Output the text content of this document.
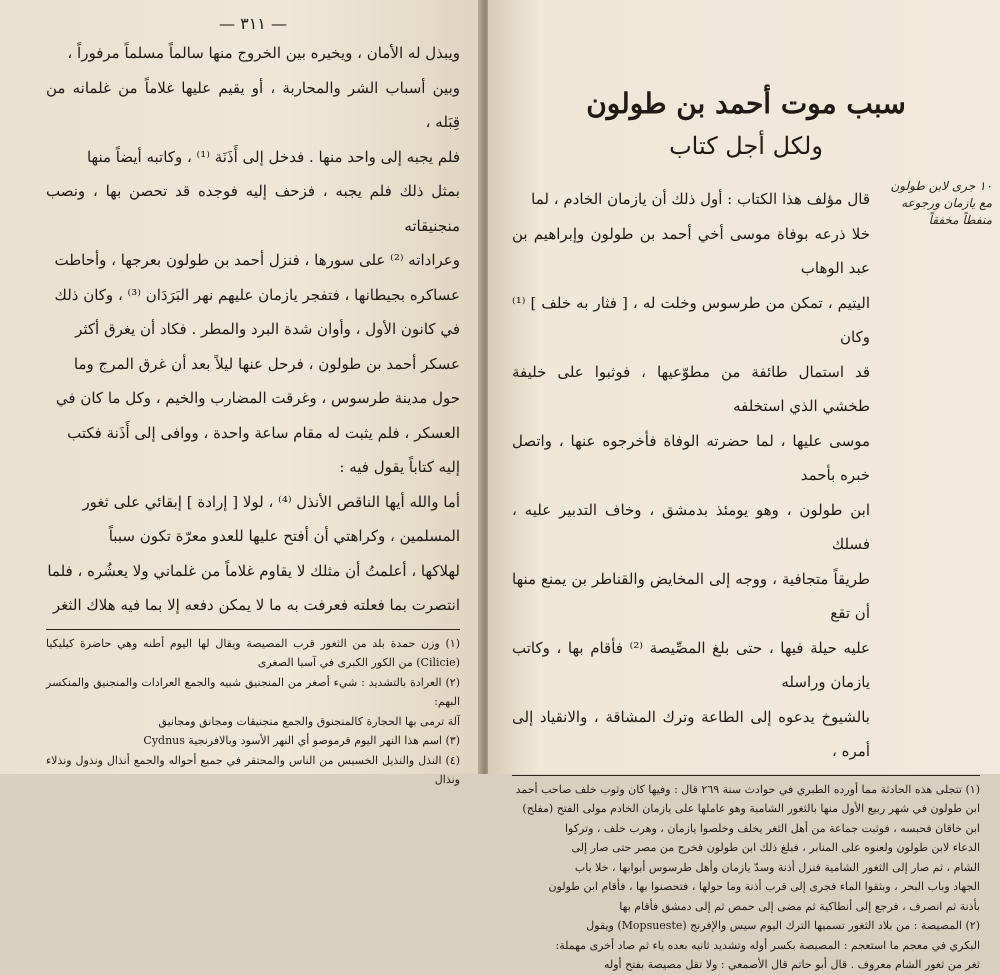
— ٣١١ —

ويبذل له الأمان ، ويخيره بين الخروج منها سالماً مسلماً مرفوراً ،

وبين أسباب الشر والمحاربة ، أو يقيم عليها غلاماً من غلمانه من قِبَله ،

فلم يجبه إلى واحد منها . فدخل إلى أَذَنَة ⁽¹⁾ ، وكاتبه أيضاً منها

بمثل ذلك فلم يجبه ، فزحف إليه فوجده قد تحصن بها ، ونصب منجنيقاته

وعراداته ⁽²⁾ على سورها ، فنزل أحمد بن طولون بعرجها ، وأحاطت

عساكره بجيطانها ، فتفجر يازمان عليهم نهر البَرَدَان ⁽³⁾ ، وكان ذلك

في كانون الأول ، وأوان شدة البرد والمطر . فكاد أن يغرق أكثر

عسكر أحمد بن طولون ، فرحل عنها ليلاً بعد أن غرق المرج وما

حول مدينة طرسوس ، وغرقت المضارب والخيم ، وكل ما كان في

العسكر ، فلم يثبت له مقام ساعة واحدة ، ووافى إلى أَذَنة فكتب

إليه كتاباً يقول فيه :

أما والله أيها الناقص الأنذل ⁽⁴⁾ ، لولا [ إرادة ] إبقائي على ثغور

المسلمين ، وكراهتي أن أفتح عليها للعدو معرّة تكون سبباً

لهلاكها ، أعلمتُ أن مثلك لا يقاوم غلاماً من غلماني ولا يعشُره ، فلما

انتصرت بما فعلته فعرفت به ما لا يمكن دفعه إلا بما فيه هلاك الثغر

(١) وزن حمدة بلد من الثغور قرب المصيصة ويقال لها اليوم أطنه وهي حاضرة كيليكيا (Cilicie) من الكور الكبرى في آسيا الصغرى

(٢) العرادة بالتشديد : شيء أصغر من المنجنيق شبيه والجمع العرادات والمنجنيق والمنكسر البهم:

آلة ترمى بها الحجارة كالمنجنوق والجمع منجنيقات ومجانق ومجانيق

(٣) اسم هذا النهر اليوم قرموصو أي النهر الأسود وبالافرنجية Cydnus

(٤) النذل والنذيل الخسيس من الناس والمحتقر في جميع أحواله والجمع أنذال ونذول ونذلاء ونذال

سبب موت أحمد بن طولون
ولكل أجل كتاب
١٠ جرى لابن طولون مع يازمان ورجوعه منفطاً مخفقاً

قال مؤلف هذا الكتاب : أول ذلك أن يازمان الخادم ، لما

خلا ذرعه بوفاة موسى أخي أحمد بن طولون وإبراهيم بن عبد الوهاب

اليتيم ، تمكن من طرسوس وخلت له ، [ فثار به خلف ] ⁽¹⁾ وكان

قد استمال طائفة من مطوّعيها ، فوثبوا على خليفة طخشي الذي استخلفه

موسى عليها ، لما حضرته الوفاة فأخرجوه عنها ، واتصل خبره بأحمد

ابن طولون ، وهو يومئذ بدمشق ، وخاف التدبير عليه ، فسلك

طريقاً متجافية ، ووجه إلى المخايض والقناطر بن يمنع منها أن تقع

عليه حيلة فيها ، حتى بلغ المصِّيصة ⁽²⁾ فأقام بها ، وكاتب يازمان وراسله

بالشيوخ يدعوه إلى الطاعة وترك المشاقة ، والانقياد إلى أمره ،

(١) تتجلى هذه الحادثة مما أورده الطبري في حوادث سنة ٢٦٩ قال : وفيها كان وثوب خلف صاحب أحمد

ابن طولون في شهر ربيع الأول منها بالثغور الشامية وهو عاملها على يازمان الخادم مولى الفتح (مفلح)

ابن خاقان فحبسه ، فوثبت جماعة من أهل الثغر يخلف وخلصوا يازمان ، وهرب خلف ، وتركوا

الدعاء لابن طولون ولعنوه على المنابر ، فبلغ ذلك ابن طولون فخرج من مصر حتى صار إلى

الشام ، ثم صار إلى الثغور الشامية فنزل أذنة وسدّ يازمان وأهل طرسوس أبوابها ، خلا باب

الجهاد وباب البحر ، وبثقوا الماء فجرى إلى قرب أذنة وما حولها ، فتحصنوا بها ، فأقام ابن طولون

بأذنة ثم انصرف ، فرجع إلى أنطاكية ثم مضى إلى حمص ثم إلى دمشق فأقام بها

(٢) المصيصة : من بلاد الثغور تسميها الترك اليوم سيس والإفرنج (Mopsueste) ويقول

البكري في معجم ما استعجم : المصيصة بكسر أوله وتشديد ثانيه بعده ياء ثم صاد أخرى مهملة:

ثغر من ثغور الشام معروف . قال أبو حاتم قال الأصمعي : ولا تقل مصيصة بفتح أوله
